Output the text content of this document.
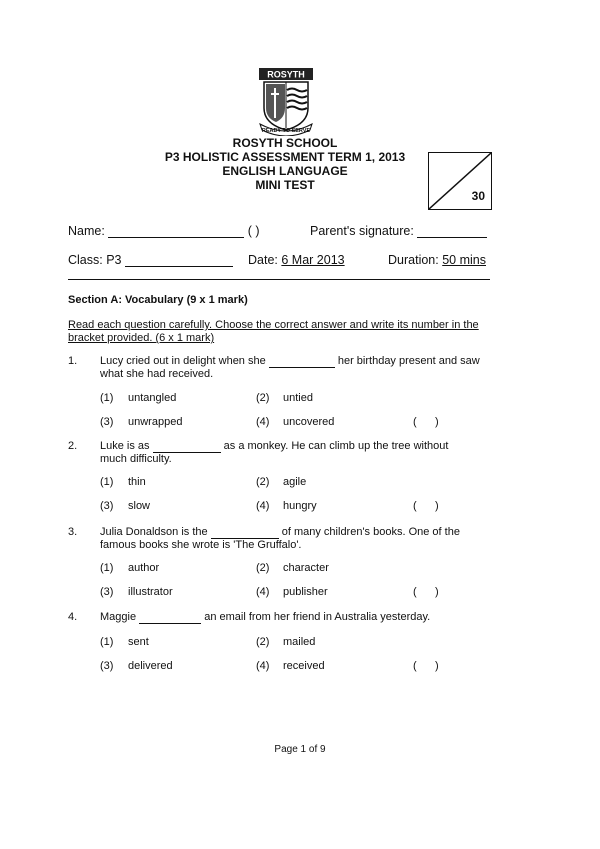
ROSYTH
READY TO SERVE
ROSYTH SCHOOL
P3 HOLISTIC ASSESSMENT TERM 1, 2013
ENGLISH LANGUAGE
MINI TEST
30
Name:	( )	Parent's signature:
Class: P3	Date: 6 Mar 2013	Duration: 50 mins
Section A: Vocabulary (9 x 1 mark)
Read each question carefully. Choose the correct answer and write its number in the
bracket provided. (6 x 1 mark)
1. Lucy cried out in delight when she	her birthday present and saw
what she had received.
(1) untangled	(2) untied
(3) unwrapped	(4) uncovered	(      )
2. Luke is as	as a monkey. He can climb up the tree without
much difficulty.
(1) thin	(2) agile
(3) slow	(4) hungry	(      )
3. Julia Donaldson is the	of many children's books. One of the
famous books she wrote is 'The Gruffalo'.
(1) author	(2) character
(3) illustrator	(4) publisher	(      )
4. Maggie	an email from her friend in Australia yesterday.
(1) sent	(2) mailed
(3) delivered	(4) received	(      )
Page 1 of 9
